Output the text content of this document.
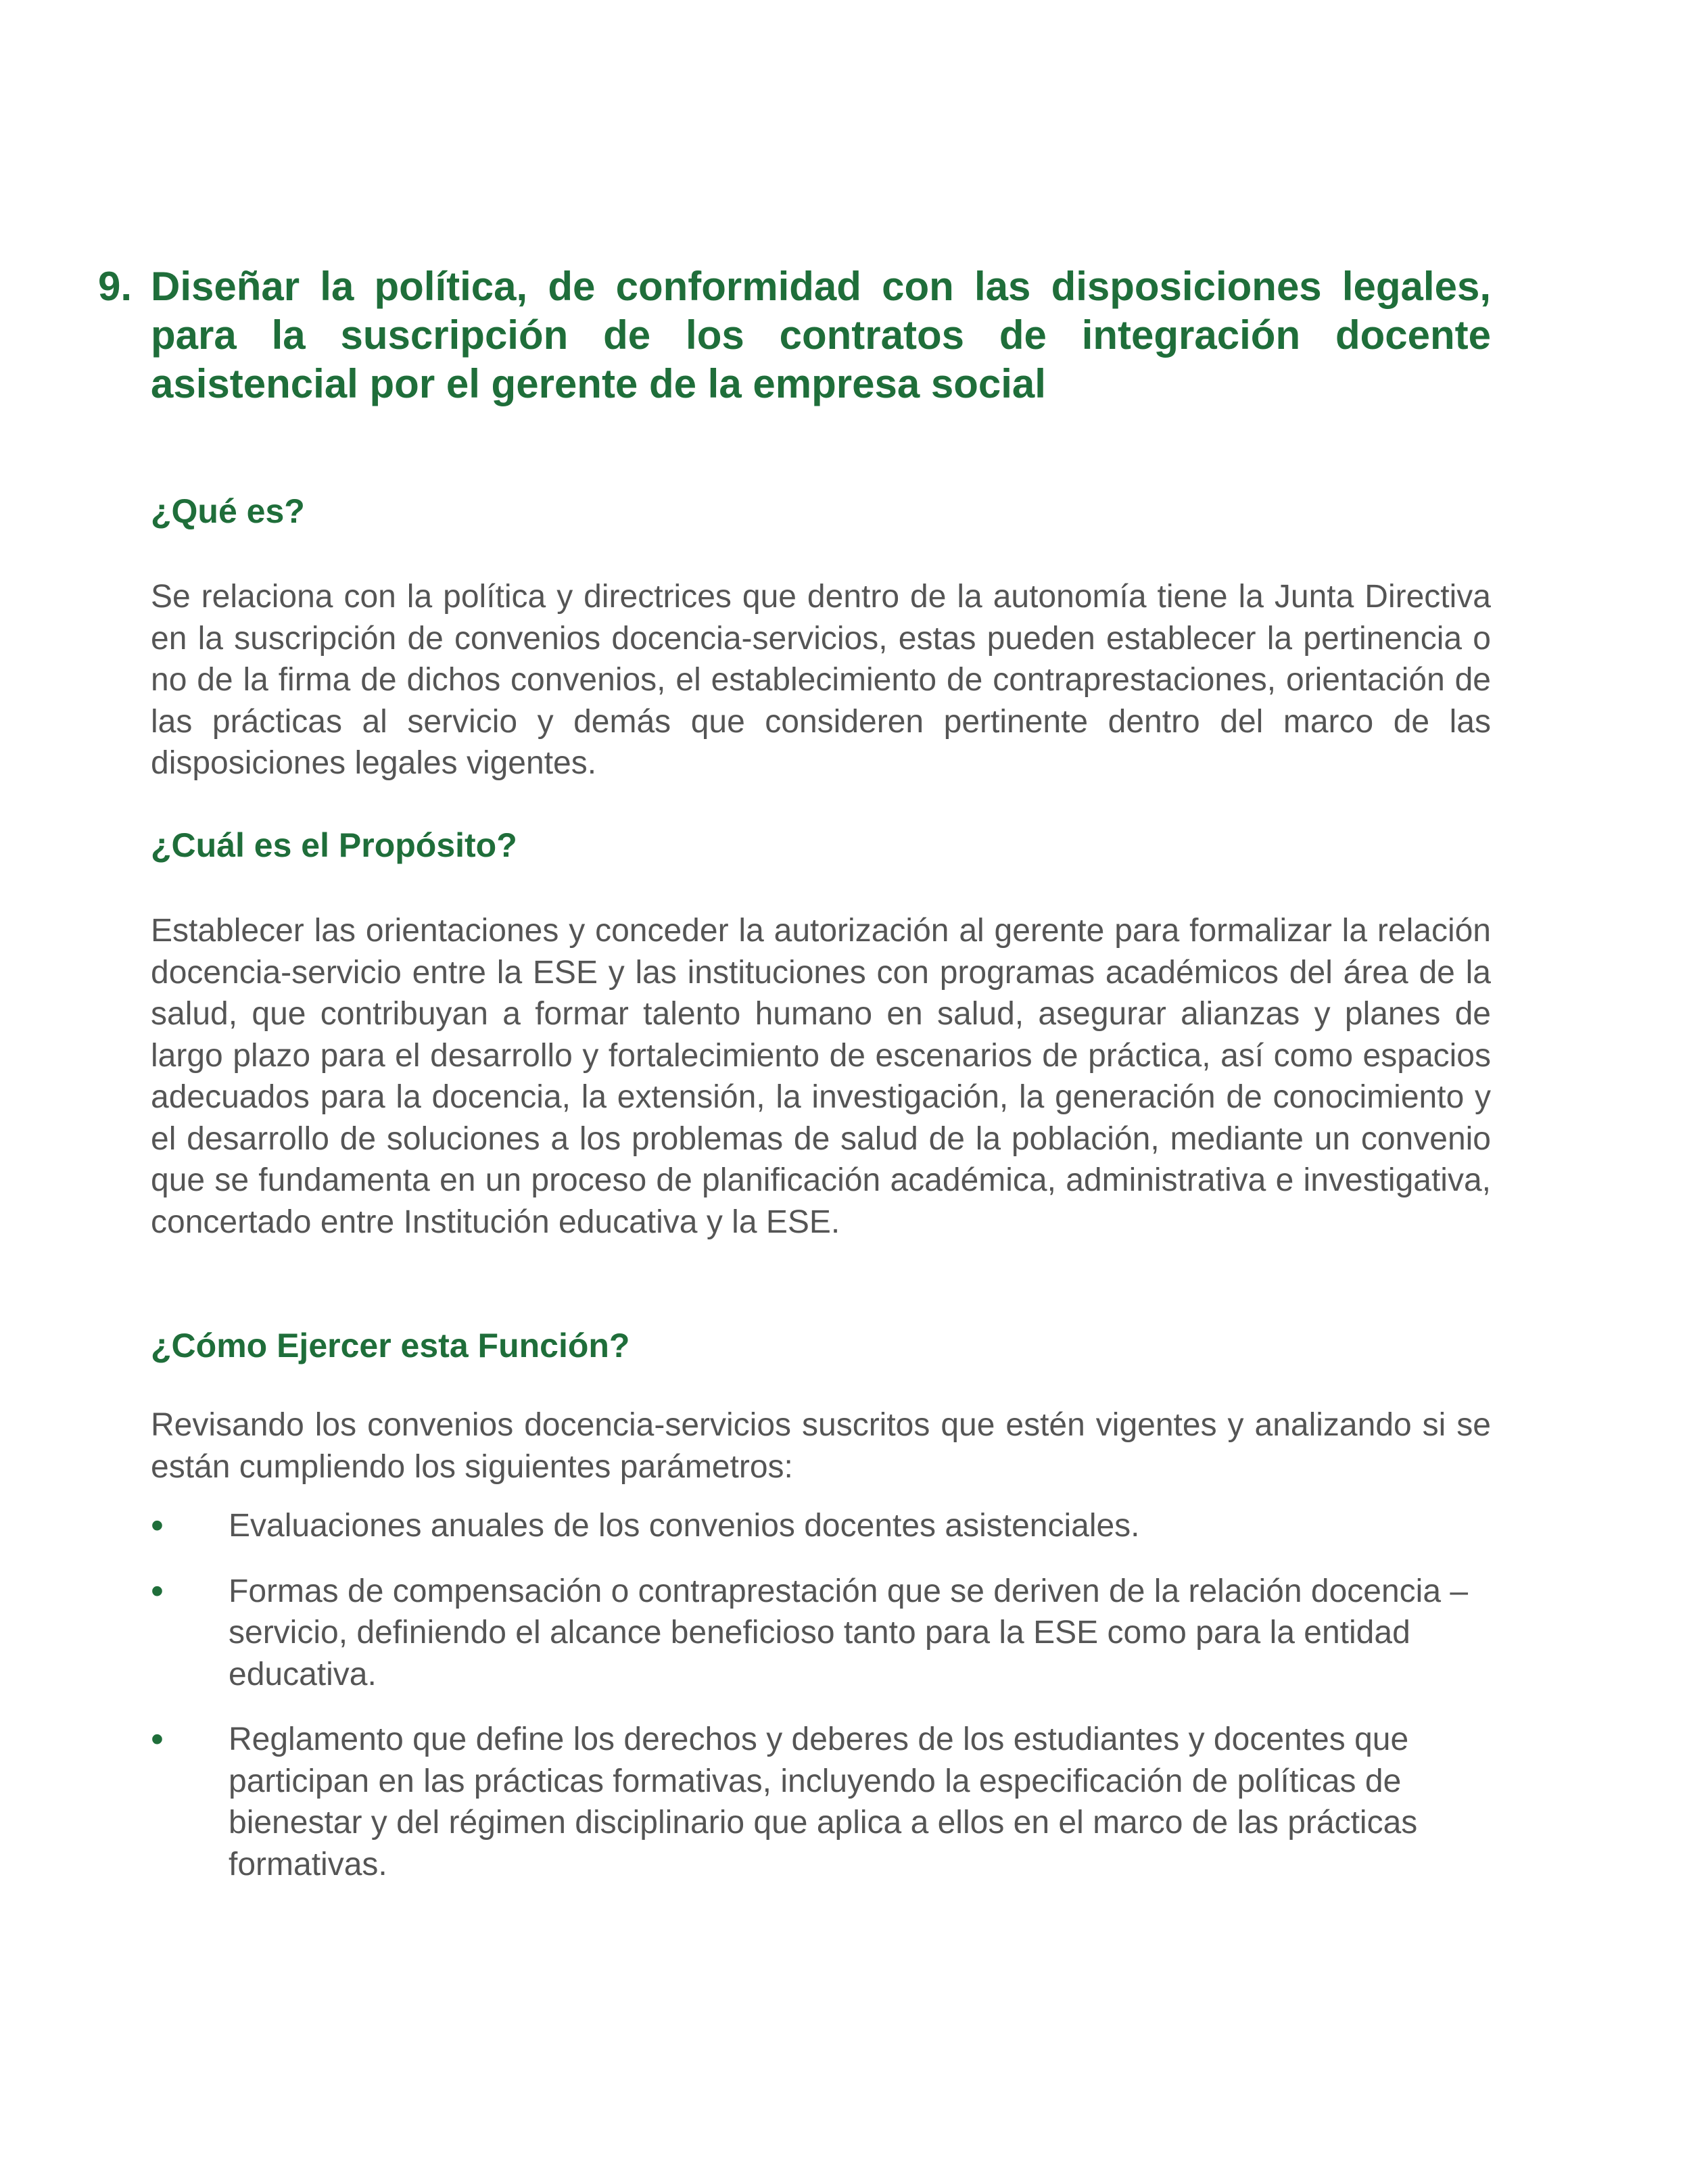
9. Diseñar la política, de conformidad con las disposiciones legales, para la suscripción de los contratos de integración docente asistencial por el gerente de la empresa social
¿Qué es?

Se relaciona con la política y directrices que dentro de la autonomía tiene la Junta Directiva en la suscripción de convenios docencia-servicios, estas pueden establecer la pertinencia o no de la firma de dichos convenios, el establecimiento de contraprestaciones, orientación de las prácticas al servicio y demás que consideren pertinente dentro del marco de las disposiciones legales vigentes.

¿Cuál es el Propósito?

Establecer las orientaciones y conceder la autorización al gerente para formalizar la relación docencia-servicio entre la ESE y las instituciones con programas académicos del área de la salud, que contribuyan a formar talento humano en salud, asegurar alianzas y planes de largo plazo para el desarrollo y fortalecimiento de escenarios de práctica, así como espacios adecuados para la docencia, la extensión, la investigación, la generación de conocimiento y el desarrollo de soluciones a los problemas de salud de la población, mediante un convenio que se fundamenta en un proceso de planificación académica, administrativa e investigativa, concertado entre Institución educativa y la ESE.

¿Cómo Ejercer esta Función?

Revisando los convenios docencia-servicios suscritos que estén vigentes y analizando si se están cumpliendo los siguientes parámetros:

•	Evaluaciones anuales de los convenios docentes asistenciales.
•	Formas de compensación o contraprestación que se deriven de la relación docencia – servicio, definiendo el alcance beneficioso tanto para la ESE como para la entidad educativa.
•	Reglamento que define los derechos y deberes de los estudiantes y docentes que participan en las prácticas formativas, incluyendo la especificación de políticas de bienestar y del régimen disciplinario que aplica a ellos en el marco de las prácticas formativas.
